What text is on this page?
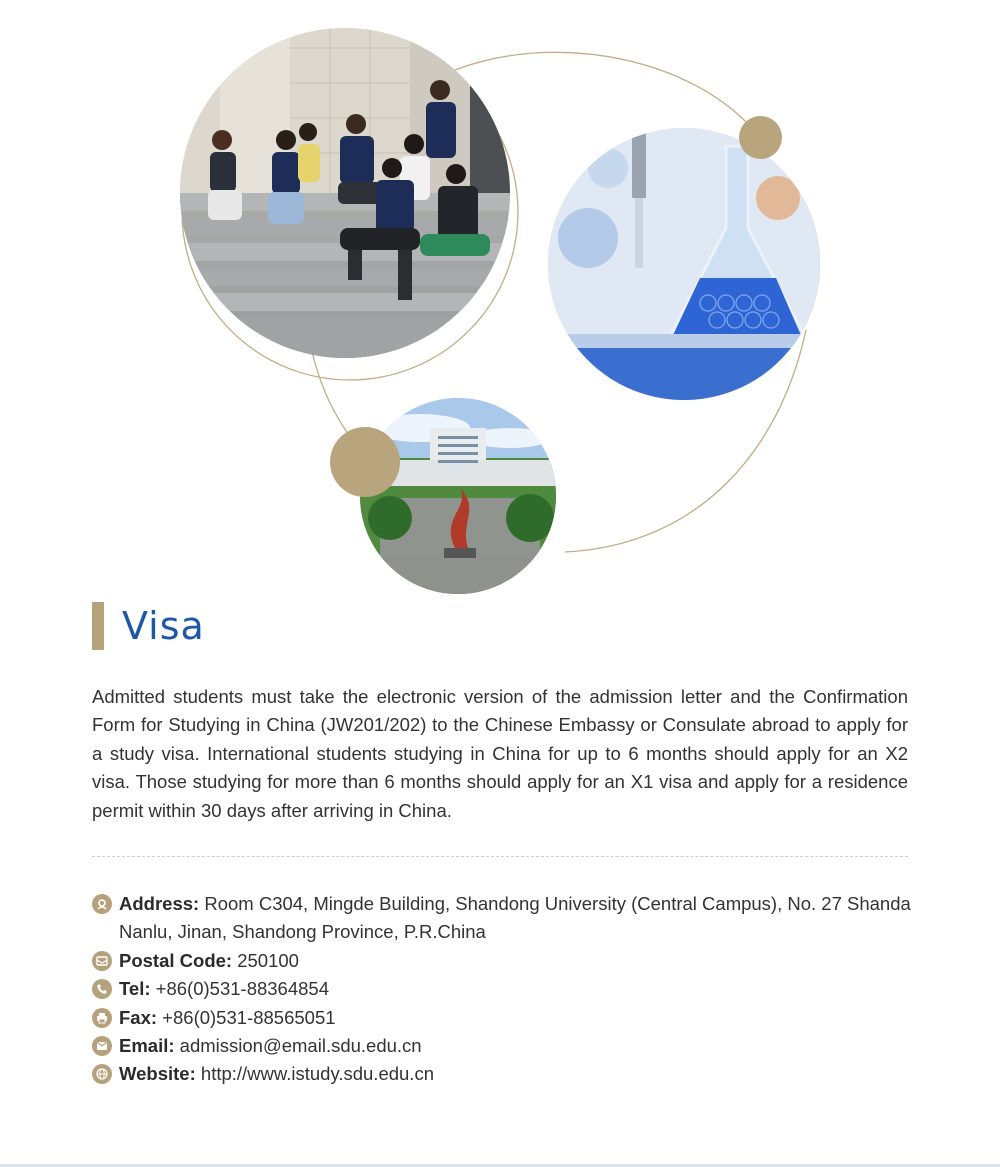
Visa

Admitted students must take the electronic version of the admission letter and the Confirmation Form for Studying in China (JW201/202) to the Chinese Embassy or Consulate abroad to apply for a study visa. International students studying in China for up to 6 months should apply for an X2 visa. Those studying for more than 6 months should apply for an X1 visa and apply for a residence permit within 30 days after arriving in China.

Address: Room C304, Mingde Building, Shandong University (Central Campus), No. 27 Shanda Nanlu, Jinan, Shandong Province, P.R.China
Postal Code: 250100
Tel: +86(0)531-88364854
Fax: +86(0)531-88565051
Email: admission@email.sdu.edu.cn
Website: http://www.istudy.sdu.edu.cn
